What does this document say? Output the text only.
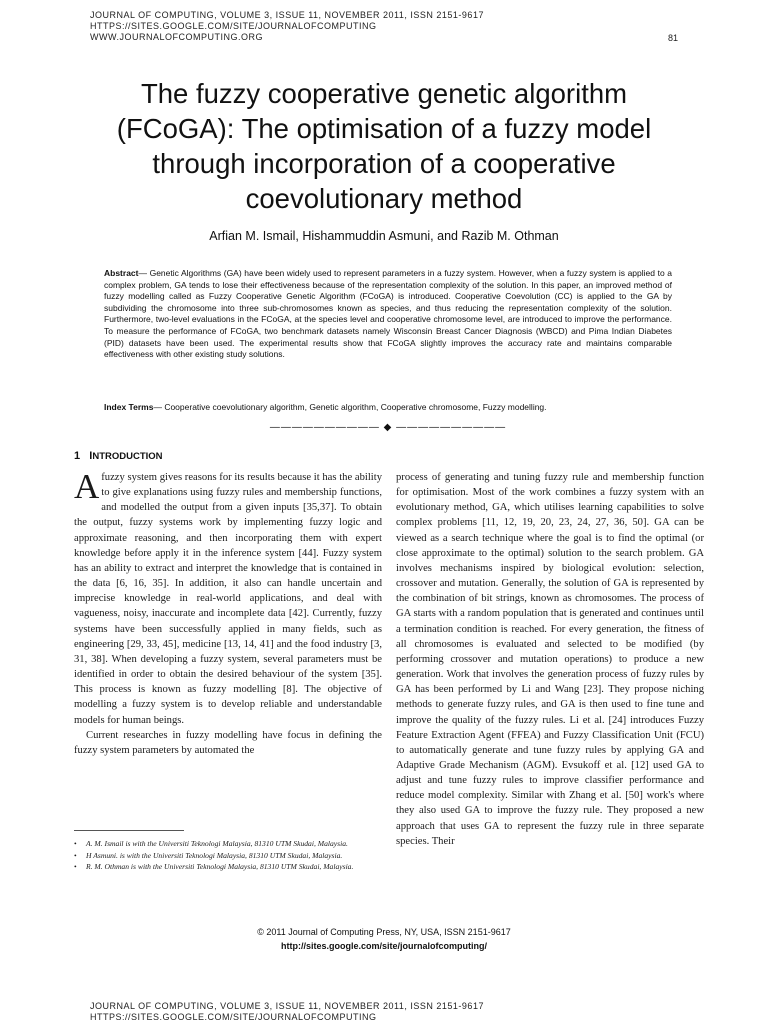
JOURNAL OF COMPUTING, VOLUME 3, ISSUE 11, NOVEMBER 2011, ISSN 2151-9617
HTTPS://SITES.GOOGLE.COM/SITE/JOURNALOFCOMPUTING
WWW.JOURNALOFCOMPUTING.ORG	81
The fuzzy cooperative genetic algorithm
(FCoGA): The optimisation of a fuzzy model
through incorporation of a cooperative
coevolutionary method
Arfian M. Ismail, Hishammuddin Asmuni, and Razib M. Othman
Abstract— Genetic Algorithms (GA) have been widely used to represent parameters in a fuzzy system. However, when a fuzzy system is applied to a complex problem, GA tends to lose their effectiveness because of the representation complexity of the solution. In this paper, an improved method of fuzzy modelling called as Fuzzy Cooperative Genetic Algorithm (FCoGA) is introduced. Cooperative Coevolution (CC) is applied to the GA by subdividing the chromosome into three sub-chromosomes known as species, and thus reducing the representation complexity of the solution. Furthermore, two-level evaluations in the FCoGA, at the species level and cooperative chromosome level, are introduced to improve the performance. To measure the performance of FCoGA, two benchmark datasets namely Wisconsin Breast Cancer Diagnosis (WBCD) and Pima Indian Diabetes (PID) datasets have been used. The experimental results show that FCoGA slightly improves the accuracy rate and maintains comparable effectiveness with other existing study solutions.
Index Terms— Cooperative coevolutionary algorithm, Genetic algorithm, Cooperative chromosome, Fuzzy modelling.
—————————— ◆ ——————————
1 INTRODUCTION

Afuzzy system gives reasons for its results because it has the ability to give explanations using fuzzy rules and membership functions, and modelled the output from a given inputs [35,37]. To obtain the output, fuzzy systems work by implementing fuzzy logic and approximate reasoning, and then incorporating them with expert knowledge before apply it in the inference system [44]. Fuzzy system has an ability to extract and interpret the knowledge that is contained in the data [6, 16, 35]. In addition, it also can handle uncertain and imprecise knowledge in real-world applications, and deal with vagueness, noisy, inaccurate and incomplete data [42]. Currently, fuzzy systems have been successfully applied in many fields, such as engineering [29, 33, 45], medicine [13, 14, 41] and the food industry [3, 31, 38]. When developing a fuzzy system, several parameters must be identified in order to obtain the desired behaviour of the system [35]. This process is known as fuzzy modelling [8]. The objective of modelling a fuzzy system is to develop reliable and understandable models for human beings.

Current researches in fuzzy modelling have focus in defining the fuzzy system parameters by automated the

process of generating and tuning fuzzy rule and membership function for optimisation. Most of the work combines a fuzzy system with an evolutionary method, GA, which utilises learning capabilities to solve complex problems [11, 12, 19, 20, 23, 24, 27, 36, 50]. GA can be viewed as a search technique where the goal is to find the optimal (or close approximate to the optimal) solution to the search problem. GA involves mechanisms inspired by biological evolution: selection, crossover and mutation. Generally, the solution of GA is represented by the combination of bit strings, known as chromosomes. The process of GA starts with a random population that is generated and continues until a termination condition is reached. For every generation, the fitness of all chromosomes is evaluated and selected to be modified (by performing crossover and mutation operations) to produce a new generation. Work that involves the generation process of fuzzy rules by GA has been performed by Li and Wang [23]. They propose niching methods to generate fuzzy rules, and GA is then used to fine tune and improve the quality of the fuzzy rules. Li et al. [24] introduces Fuzzy Feature Extraction Agent (FFEA) and Fuzzy Classification Unit (FCU) to automatically generate and tune fuzzy rules by applying GA and Adaptive Grade Mechanism (AGM). Evsukoff et al. [12] used GA to adjust and tune fuzzy rules to improve classifier performance and reduce model complexity. Similar with Zhang et al. [50] work's where they also used GA to improve the fuzzy rule. They proposed a new approach that uses GA to represent the fuzzy rule in three separate species. Their

• A. M. Ismail is with the Universiti Teknologi Malaysia, 81310 UTM Skudai, Malaysia.
• H Asmuni. is with the Universiti Teknologi Malaysia, 81310 UTM Skudai, Malaysia.
• R. M. Othman is with the Universiti Teknologi Malaysia, 81310 UTM Skudai, Malaysia.
© 2011 Journal of Computing Press, NY, USA, ISSN 2151-9617
http://sites.google.com/site/journalofcomputing/
JOURNAL OF COMPUTING, VOLUME 3, ISSUE 11, NOVEMBER 2011, ISSN 2151-9617
HTTPS://SITES.GOOGLE.COM/SITE/JOURNALOFCOMPUTING
